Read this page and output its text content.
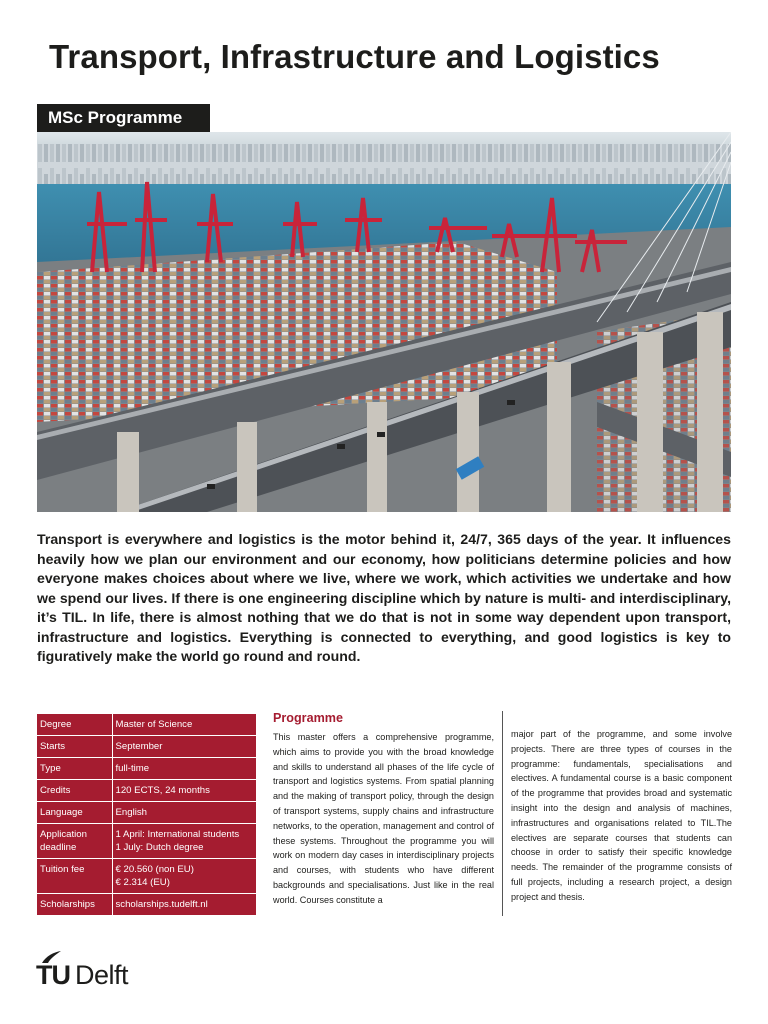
Transport, Infrastructure and Logistics
MSc Programme
Transport is everywhere and logistics is the motor behind it, 24/7, 365 days of the year. It influences heavily how we plan our environment and our economy, how politicians determine policies and how everyone makes choices about where we live, where we work, which activities we undertake and how we spend our lives. If there is one engineering discipline which by nature is multi- and interdisciplinary, it’s TIL. In life, there is almost nothing that we do that is not in some way dependent upon transport, infrastructure and logistics. Everything is connected to everything, and good logistics is key to figuratively make the world go round and round.
Degree	Master of Science
Starts	September
Type	full-time
Credits	120 ECTS, 24 months
Language	English
Application deadline	1 April: International students
1 July: Dutch degree
Tuition fee	€ 20.560 (non EU)
€ 2.314 (EU)
Scholarships	scholarships.tudelft.nl
Programme
This master offers a comprehensive programme, which aims to provide you with the broad knowledge and skills to understand all phases of the life cycle of transport and logistics systems. From spatial planning and the making of transport policy, through the design of transport systems, supply chains and infrastructure networks, to the operation, management and control of these systems. Throughout the programme you will work on modern day cases in interdisciplinary projects and courses, with students who have different backgrounds and specialisations. Just like in the real world. Courses constitute a
major part of the programme, and some involve projects. There are three types of courses in the programme: fundamentals, specialisations and electives. A fundamental course is a basic component of the programme that provides broad and systematic insight into the design and analysis of machines, infrastructures and organisations related to TIL.The electives are separate courses that students can choose in order to satisfy their specific knowledge needs. The remainder of the programme consists of full projects, including a research project, a design project and thesis.
TU Delft
